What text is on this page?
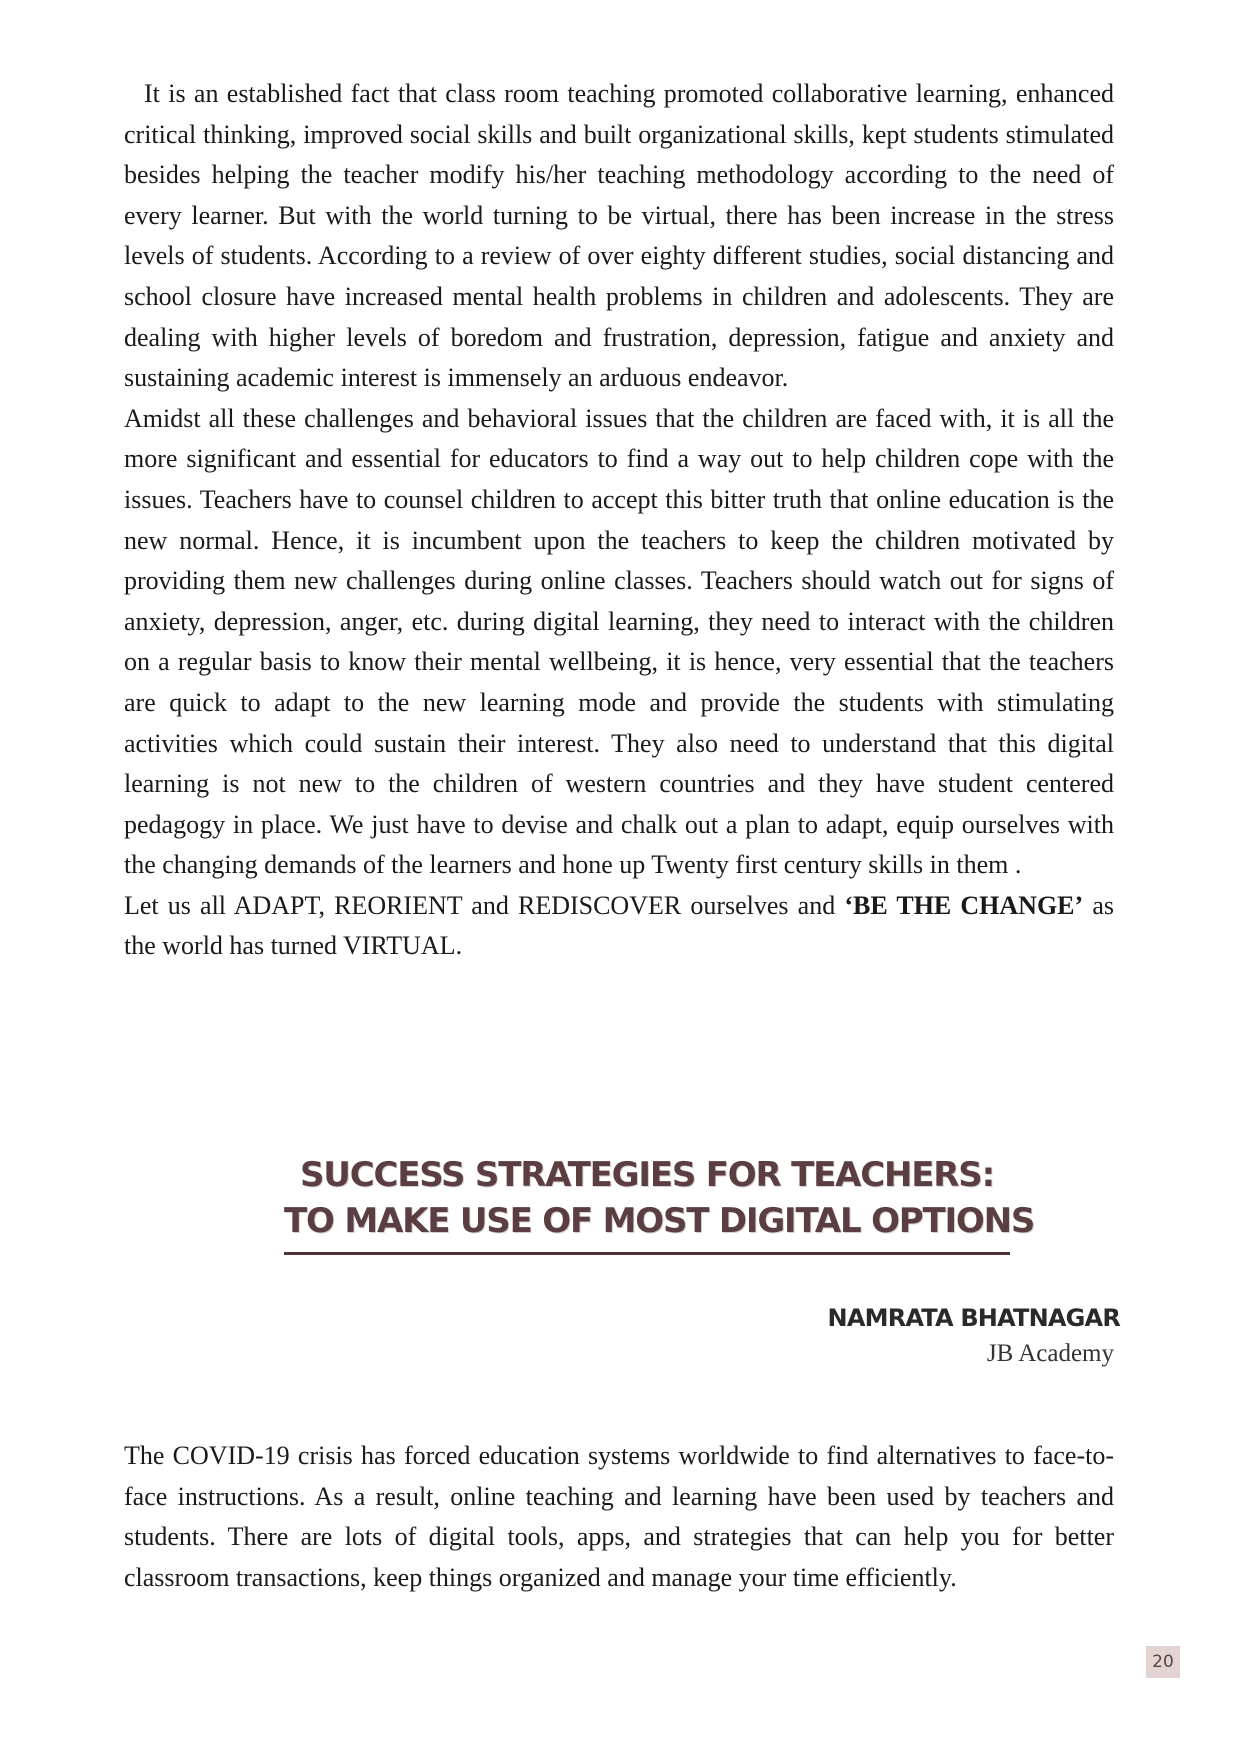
It is an established fact that class room teaching promoted collaborative learning, enhanced critical thinking, improved social skills and built organizational skills, kept students stimulated besides helping the teacher modify his/her teaching methodology according to the need of every learner. But with the world turning to be virtual, there has been increase in the stress levels of students. According to a review of over eighty different studies, social distancing and school closure have increased mental health problems in children and adolescents. They are dealing with higher levels of boredom and frustration, depression, fatigue and anxiety and sustaining academic interest is immensely an arduous endeavor.

Amidst all these challenges and behavioral issues that the children are faced with, it is all the more significant and essential for educators to find a way out to help children cope with the issues. Teachers have to counsel children to accept this bitter truth that online education is the new normal. Hence, it is incumbent upon the teachers to keep the children motivated by providing them new challenges during online classes. Teachers should watch out for signs of anxiety, depression, anger, etc. during digital learning, they need to interact with the children on a regular basis to know their mental wellbeing, it is hence, very essential that the teachers are quick to adapt to the new learning mode and provide the students with stimulating activities which could sustain their interest. They also need to understand that this digital learning is not new to the children of western countries and they have student centered pedagogy in place. We just have to devise and chalk out a plan to adapt, equip ourselves with the changing demands of the learners and hone up Twenty first century skills in them .

Let us all ADAPT, REORIENT and REDISCOVER ourselves and ‘BE THE CHANGE’ as the world has turned VIRTUAL.

SUCCESS STRATEGIES FOR TEACHERS:
TO MAKE USE OF MOST DIGITAL OPTIONS
NAMRATA BHATNAGAR
JB Academy

The COVID-19 crisis has forced education systems worldwide to find alternatives to face-to-face instructions. As a result, online teaching and learning have been used by teachers and students. There are lots of digital tools, apps, and strategies that can help you for better classroom transactions, keep things organized and manage your time efficiently.

20
